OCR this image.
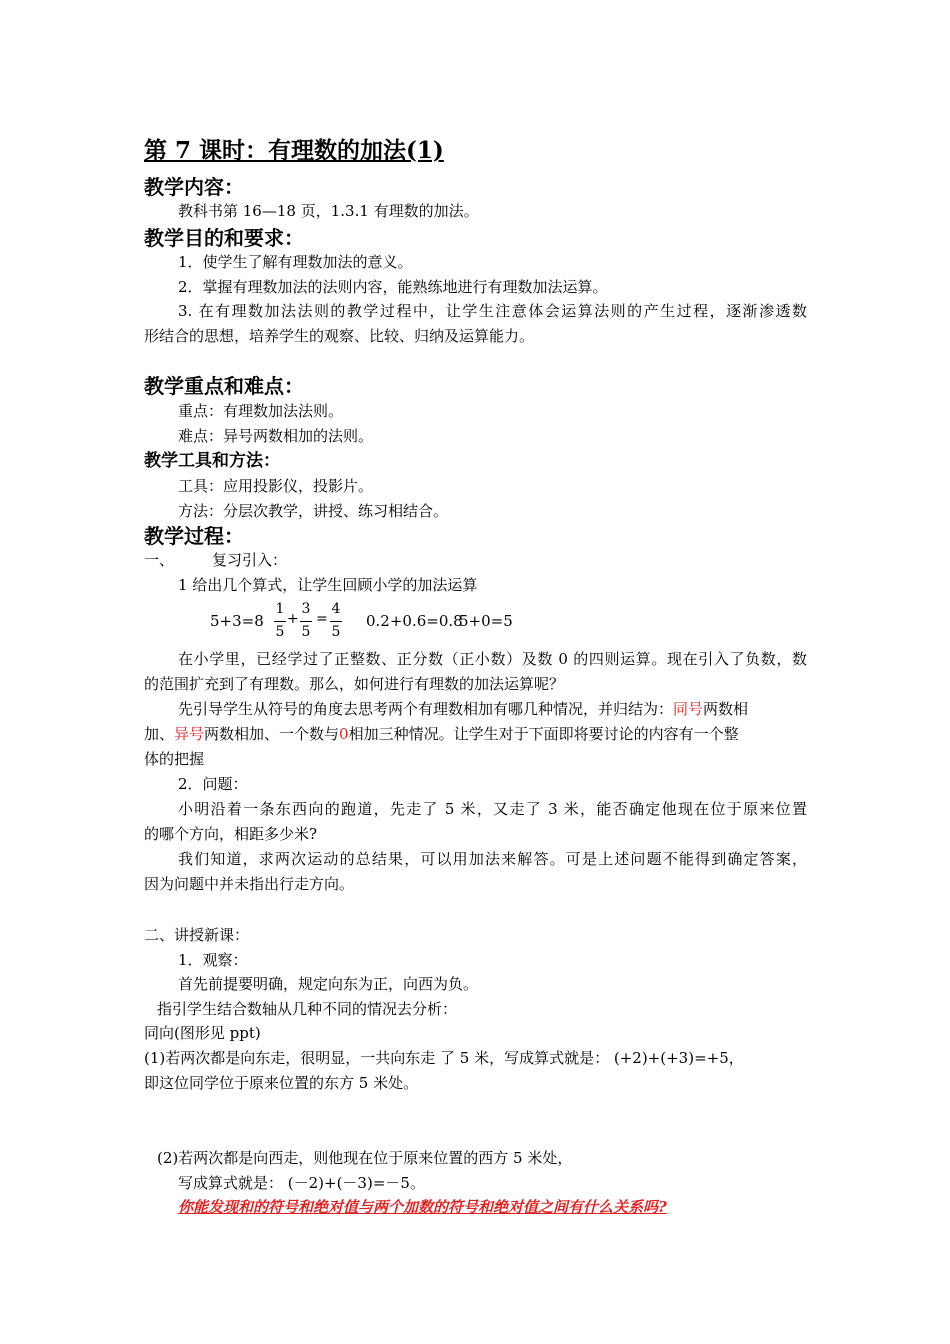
第 7 课时：有理数的加法(1)
教学内容：
教科书第 16—18 页，1.3.1 有理数的加法。
教学目的和要求：
1．使学生了解有理数加法的意义。
2．掌握有理数加法的法则内容，能熟练地进行有理数加法运算。
3. 在有理数加法法则的教学过程中，让学生注意体会运算法则的产生过程，逐渐渗透数
形结合的思想，培养学生的观察、比较、归纳及运算能力。
教学重点和难点：
重点：有理数加法法则。
难点：异号两数相加的法则。
教学工具和方法：
工具：应用投影仪，投影片。
方法：分层次教学，讲授、练习相结合。
教学过程：
一、	复习引入：
1 给出几个算式，让学生回顾小学的加法运算
5+3=8
1
5
+
3
5
=
4
5
0.2+0.6=0.8
5+0=5
在小学里，已经学过了正整数、正分数（正小数）及数 0 的四则运算。现在引入了负数，数
的范围扩充到了有理数。那么，如何进行有理数的加法运算呢？
先引导学生从符号的角度去思考两个有理数相加有哪几种情况，并归结为：同号两数相
加、异号两数相加、一个数与0相加三种情况。让学生对于下面即将要讨论的内容有一个整
体的把握
2．问题：
小明沿着一条东西向的跑道，先走了 5 米，又走了 3 米，能否确定他现在位于原来位置
的哪个方向，相距多少米?
我们知道，求两次运动的总结果，可以用加法来解答。可是上述问题不能得到确定答案，
因为问题中并未指出行走方向。
二、讲授新课：
1．观察：
首先前提要明确，规定向东为正，向西为负。
指引学生结合数轴从几种不同的情况去分析：
同向(图形见 ppt)
(1)若两次都是向东走，很明显，一共向东走 了 5 米，写成算式就是： (+2)+(+3)=+5，
即这位同学位于原来位置的东方 5 米处。
(2)若两次都是向西走，则他现在位于原来位置的西方 5 米处，
写成算式就是： (－2)+(－3)=－5。
你能发现和的符号和绝对值与两个加数的符号和绝对值之间有什么关系吗?
